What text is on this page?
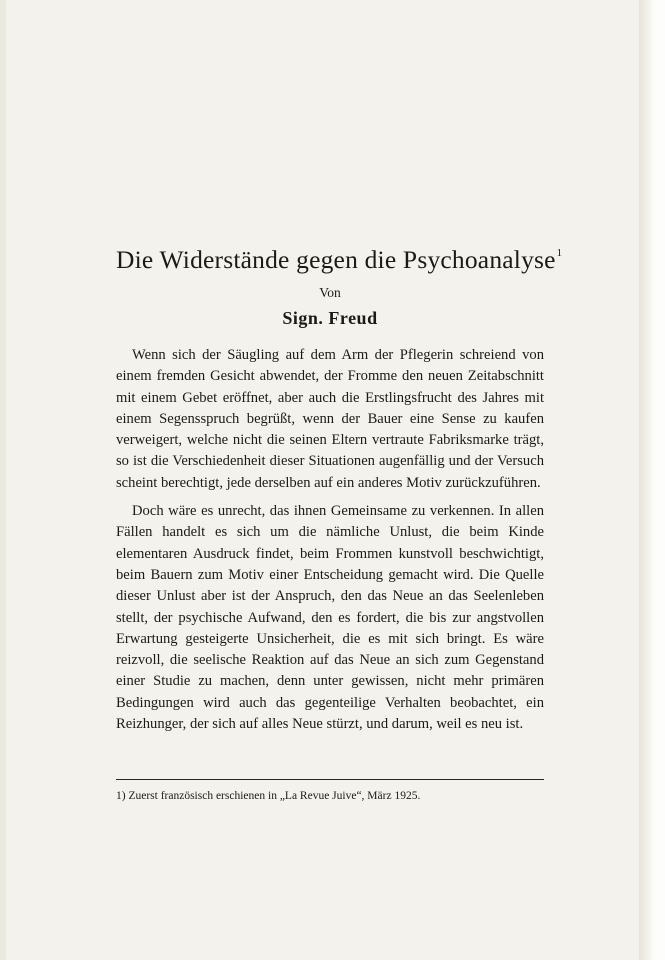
Die Widerstände gegen die Psychoanalyse$^1$
Von
Sign. Freud

Wenn sich der Säugling auf dem Arm der Pflegerin schreiend von einem fremden Gesicht abwendet, der Fromme den neuen Zeitabschnitt mit einem Gebet eröffnet, aber auch die Erstlingsfrucht des Jahres mit einem Segensspruch begrüßt, wenn der Bauer eine Sense zu kaufen verweigert, welche nicht die seinen Eltern vertraute Fabriksmarke trägt, so ist die Verschiedenheit dieser Situationen augenfällig und der Versuch scheint berechtigt, jede derselben auf ein anderes Motiv zurückzuführen.

Doch wäre es unrecht, das ihnen Gemeinsame zu verkennen. In allen Fällen handelt es sich um die nämliche Unlust, die beim Kinde elementaren Ausdruck findet, beim Frommen kunstvoll beschwichtigt, beim Bauern zum Motiv einer Entscheidung gemacht wird. Die Quelle dieser Unlust aber ist der Anspruch, den das Neue an das Seelenleben stellt, der psychische Aufwand, den es fordert, die bis zur angstvollen Erwartung gesteigerte Unsicherheit, die es mit sich bringt. Es wäre reizvoll, die seelische Reaktion auf das Neue an sich zum Gegenstand einer Studie zu machen, denn unter gewissen, nicht mehr primären Bedingungen wird auch das gegenteilige Verhalten beobachtet, ein Reizhunger, der sich auf alles Neue stürzt, und darum, weil es neu ist.

1) Zuerst französisch erschienen in „La Revue Juive“, März 1925.
